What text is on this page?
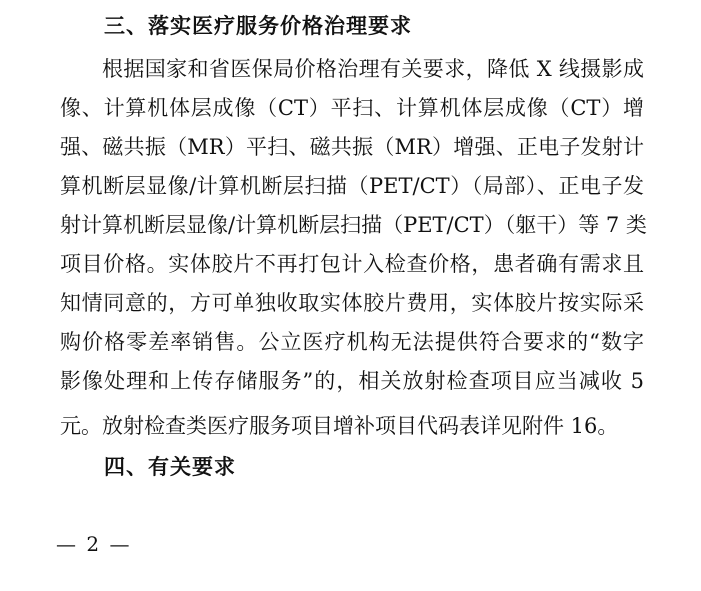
三、落实医疗服务价格治理要求
根据国家和省医保局价格治理有关要求，降低 X 线摄影成
像、计算机体层成像（CT）平扫、计算机体层成像（CT）增
强、磁共振（MR）平扫、磁共振（MR）增强、正电子发射计
算机断层显像/计算机断层扫描（PET/CT）（局部）、正电子发
射计算机断层显像/计算机断层扫描（PET/CT）（躯干）等 7 类
项目价格。实体胶片不再打包计入检查价格，患者确有需求且
知情同意的，方可单独收取实体胶片费用，实体胶片按实际采
购价格零差率销售。公立医疗机构无法提供符合要求的“数字
影像处理和上传存储服务”的，相关放射检查项目应当减收 5
元。放射检查类医疗服务项目增补项目代码表详见附件 16。
四、有关要求
— 2 —
